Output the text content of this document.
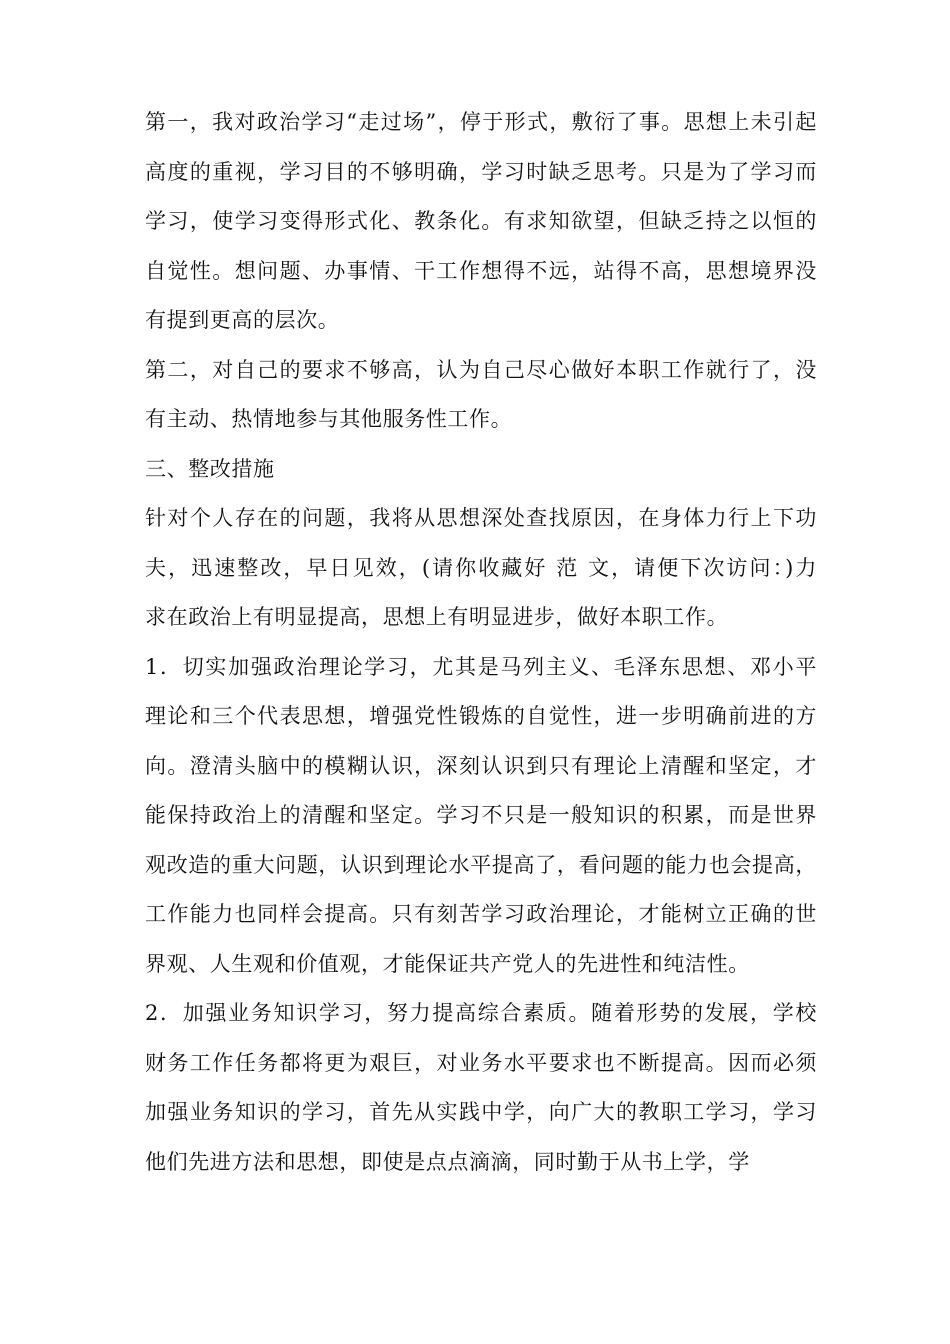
第一，我对政治学习“走过场”，停于形式，敷衍了事。思想上未引起
高度的重视，学习目的不够明确，学习时缺乏思考。只是为了学习而
学习，使学习变得形式化、教条化。有求知欲望，但缺乏持之以恒的
自觉性。想问题、办事情、干工作想得不远，站得不高，思想境界没
有提到更高的层次。
第二，对自己的要求不够高，认为自己尽心做好本职工作就行了，没
有主动、热情地参与其他服务性工作。
三、整改措施
针对个人存在的问题，我将从思想深处查找原因，在身体力行上下功
夫，迅速整改，早日见效，(请你收藏好 范 文，请便下次访问：)力
求在政治上有明显提高，思想上有明显进步，做好本职工作。
1．切实加强政治理论学习，尤其是马列主义、毛泽东思想、邓小平
理论和三个代表思想，增强党性锻炼的自觉性，进一步明确前进的方
向。澄清头脑中的模糊认识，深刻认识到只有理论上清醒和坚定，才
能保持政治上的清醒和坚定。学习不只是一般知识的积累，而是世界
观改造的重大问题，认识到理论水平提高了，看问题的能力也会提高，
工作能力也同样会提高。只有刻苦学习政治理论，才能树立正确的世
界观、人生观和价值观，才能保证共产党人的先进性和纯洁性。
2．加强业务知识学习，努力提高综合素质。随着形势的发展，学校
财务工作任务都将更为艰巨，对业务水平要求也不断提高。因而必须
加强业务知识的学习，首先从实践中学，向广大的教职工学习，学习
他们先进方法和思想，即使是点点滴滴，同时勤于从书上学，学
